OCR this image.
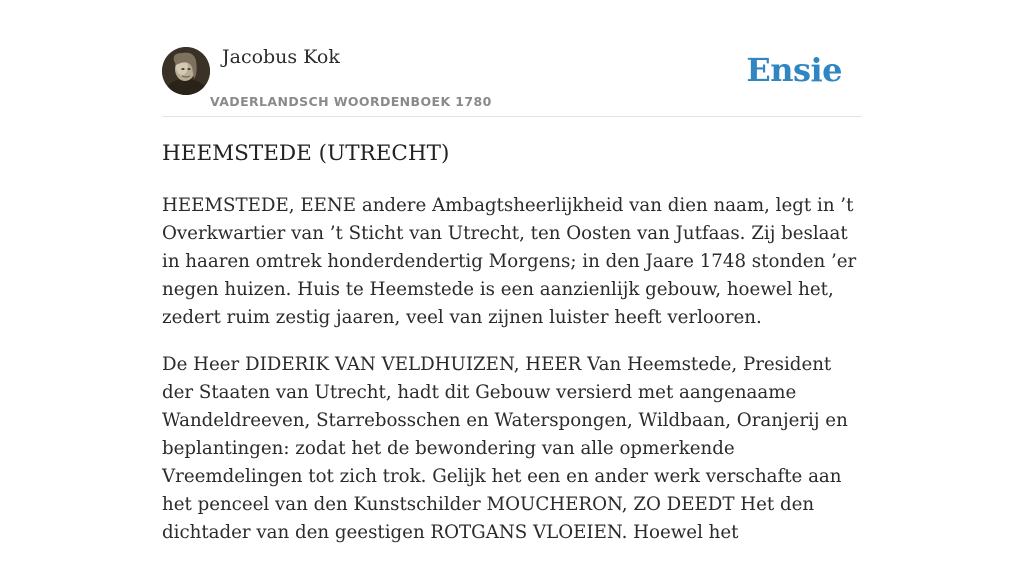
Jacobus Kok
VADERLANDSCH WOORDENBOEK 1780
Ensie
HEEMSTEDE (UTRECHT)

HEEMSTEDE, EENE andere Ambagtsheerlijkheid van dien naam, legt in ’t Overkwartier van ’t Sticht van Utrecht, ten Oosten van Jutfaas. Zij beslaat in haaren omtrek honderdendertig Morgens; in den Jaare 1748 stonden ’er negen huizen. Huis te Heemstede is een aanzienlijk gebouw, hoewel het, zedert ruim zestig jaaren, veel van zijnen luister heeft verlooren.

De Heer DIDERIK VAN VELDHUIZEN, HEER Van Heemstede, President der Staaten van Utrecht, hadt dit Gebouw versierd met aangenaame Wandeldreeven, Starrebosschen en Waterspongen, Wildbaan, Oranjerij en beplantingen: zodat het de bewondering van alle opmerkende Vreemdelingen tot zich trok. Gelijk het een en ander werk verschafte aan het penceel van den Kunstschilder MOUCHERON, ZO DEEDT Het den dichtader van den geestigen ROTGANS VLOEIEN. Hoewel het
